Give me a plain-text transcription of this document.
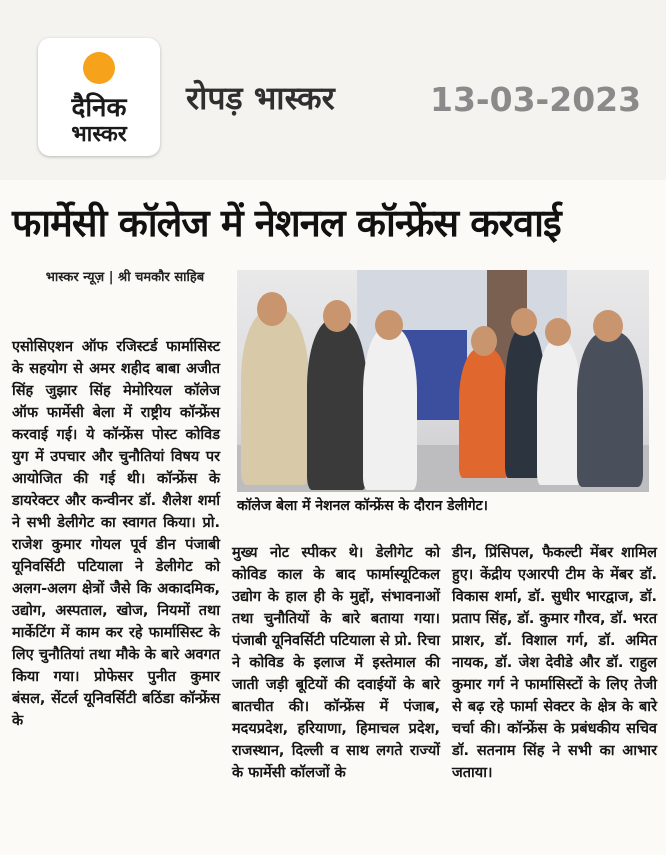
दैनिक
भास्कर
रोपड़ भास्कर	13-03-2023
फार्मेसी कॉलेज में नेशनल कॉन्फ्रेंस करवाई
भास्कर न्यूज़ | श्री चमकौर साहिब
कॉलेज बेला में नेशनल कॉन्फ्रेंस के दौरान डेलीगेट।

एसोसिएशन ऑफ रजिस्टर्ड फार्मासिस्ट के सहयोग से अमर शहीद बाबा अजीत सिंह जुझार सिंह मेमोरियल कॉलेज ऑफ फार्मेसी बेला में राष्ट्रीय कॉन्फ्रेंस करवाई गई। ये कॉन्फ्रेंस पोस्ट कोविड युग में उपचार और चुनौतियां विषय पर आयोजित की गई थी। कॉन्फ्रेंस के डायरेक्टर और कन्वीनर डॉ. शैलेश शर्मा ने सभी डेलीगेट का स्वागत किया। प्रो. राजेश कुमार गोयल पूर्व डीन पंजाबी यूनिवर्सिटी पटियाला ने डेलीगेट को अलग-अलग क्षेत्रों जैसे कि अकादमिक, उद्योग, अस्पताल, खोज, नियमों तथा मार्केटिंग में काम कर रहे फार्मासिस्ट के लिए चुनौतियां तथा मौके के बारे अवगत किया गया। प्रोफेसर पुनीत कुमार बंसल, सेंटर्ल यूनिवर्सिटी बठिंडा कॉन्फ्रेंस के

मुख्य नोट स्पीकर थे। डेलीगेट को कोविड काल के बाद फार्मास्यूटिकल उद्योग के हाल ही के मुद्दों, संभावनाओं तथा चुनौतियों के बारे बताया गया। पंजाबी यूनिवर्सिटी पटियाला से प्रो. रिचा ने कोविड के इलाज में इस्तेमाल की जाती जड़ी बूटियों की दवाईयों के बारे बातचीत की। कॉन्फ्रेंस में पंजाब, मदयप्रदेश, हरियाणा, हिमाचल प्रदेश, राजस्थान, दिल्ली व साथ लगते राज्यों के फार्मेसी कॉलजों के

डीन, प्रिंसिपल, फैकल्टी मेंबर शामिल हुए। केंद्रीय एआरपी टीम के मेंबर डॉ. विकास शर्मा, डॉ. सुधीर भारद्वाज, डॉ. प्रताप सिंह, डॉ. कुमार गौरव, डॉ. भरत प्राशर, डॉ. विशाल गर्ग, डॉ. अमित नायक, डॉ. जेश देवीडे और डॉ. राहुल कुमार गर्ग ने फार्मासिस्टों के लिए तेजी से बढ़ रहे फार्मा सेक्टर के क्षेत्र के बारे चर्चा की। कॉन्फ्रेंस के प्रबंधकीय सचिव डॉ. सतनाम सिंह ने सभी का आभार जताया।
